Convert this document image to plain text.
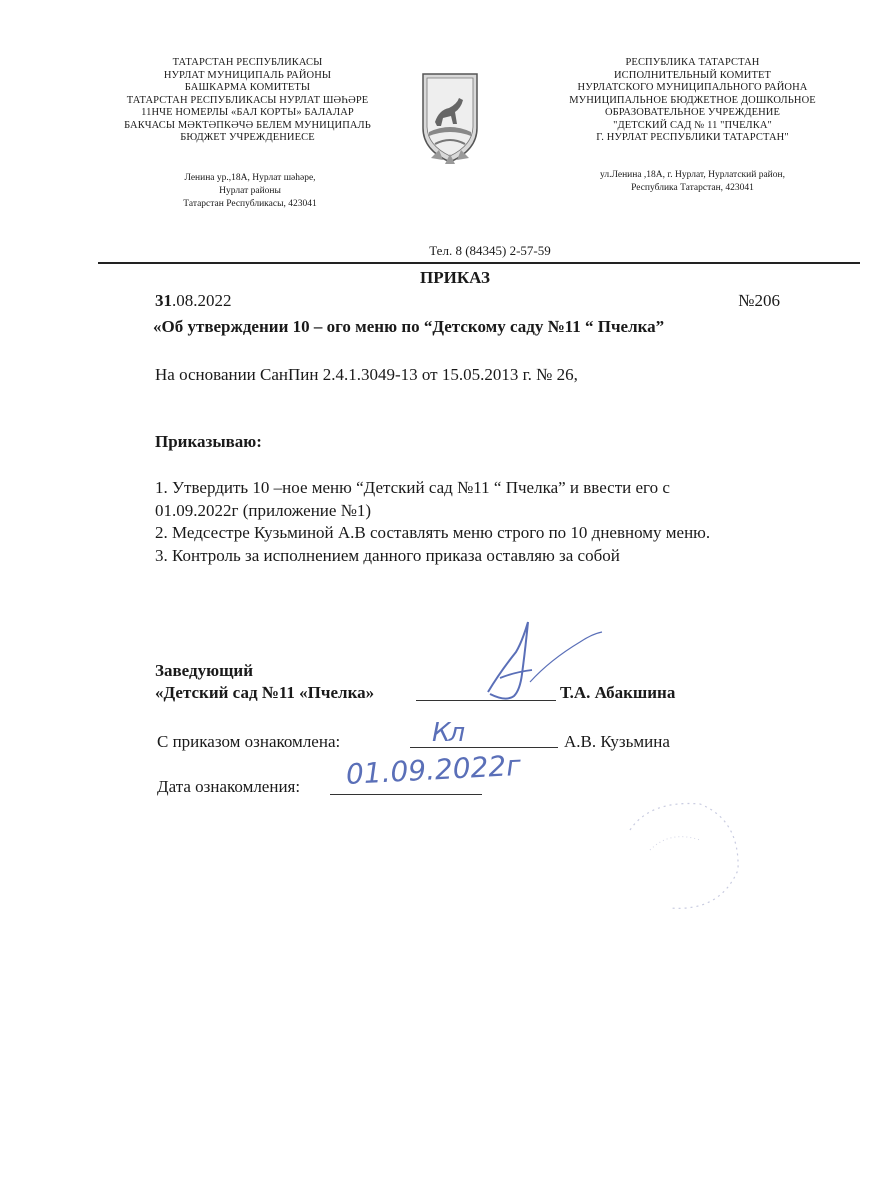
ТАТАРСТАН РЕСПУБЛИКАСЫ
НУРЛАТ МУНИЦИПАЛЬ РАЙОНЫ
БАШКАРМА КОМИТЕТЫ
ТАТАРСТАН РЕСПУБЛИКАСЫ НУРЛАТ ШӘҺӘРЕ
11НЧЕ НОМЕРЛЫ «БАЛ КОРТЫ» БАЛАЛАР
БАКЧАСЫ МӘКТӘПКӘЧӘ БЕЛЕМ МУНИЦИПАЛЬ
БЮДЖЕТ УЧРЕЖДЕНИЕСЕ
Ленина ур.,18А, Нурлат шәһәре,
Нурлат районы
Татарстан Республикасы, 423041
РЕСПУБЛИКА ТАТАРСТАН
ИСПОЛНИТЕЛЬНЫЙ КОМИТЕТ
НУРЛАТСКОГО МУНИЦИПАЛЬНОГО РАЙОНА
МУНИЦИПАЛЬНОЕ БЮДЖЕТНОЕ ДОШКОЛЬНОЕ
ОБРАЗОВАТЕЛЬНОЕ УЧРЕЖДЕНИЕ
"ДЕТСКИЙ САД № 11 "ПЧЕЛКА"
Г. НУРЛАТ РЕСПУБЛИКИ ТАТАРСТАН"
ул.Ленина ,18А, г. Нурлат, Нурлатский район,
Республика Татарстан, 423041
Тел. 8 (84345) 2-57-59
ПРИКАЗ
31.08.2022	№206
«Об утверждении 10 – ого меню по “Детскому саду №11 “ Пчелка”
На основании СанПин 2.4.1.3049-13 от 15.05.2013 г. № 26,
Приказываю:
1. Утвердить 10 –ное меню “Детский сад №11 “ Пчелка” и ввести его с
01.09.2022г (приложение №1)
2. Медсестре Кузьминой А.В составлять меню строго по 10 дневному меню.
3. Контроль за исполнением данного приказа оставляю за собой
Заведующий
«Детский сад №11 «Пчелка»	Т.А. Абакшина
С приказом ознакомлена:	Кл	А.В. Кузьмина
Дата ознакомления: 01.09.2022г
